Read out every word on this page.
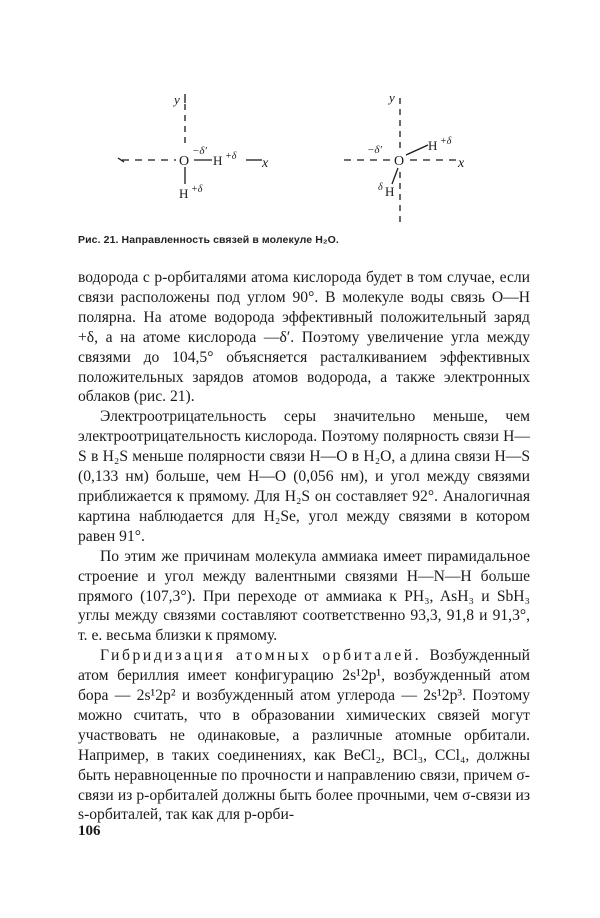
y
O
−δ′
H +δ x
H +δ
y
O
−δ′	H +δ
x
δ H
Рис. 21. Направленность связей в молекуле H₂O.

водорода с p-орбиталями атома кислорода будет в том случае, если связи расположены под углом 90°. В молекуле воды связь O—H полярна. На атоме водорода эффективный положительный заряд +δ, а на атоме кислорода —δ′. Поэтому увеличение угла между связями до 104,5° объясняется расталкиванием эффективных положительных зарядов атомов водорода, а также электронных облаков (рис. 21).

Электроотрицательность серы значительно меньше, чем электроотрицательность кислорода. Поэтому полярность связи H—S в H₂S меньше полярности связи H—O в H₂O, а длина связи H—S (0,133 нм) больше, чем H—O (0,056 нм), и угол между связями приближается к прямому. Для H₂S он составляет 92°. Аналогичная картина наблюдается для H₂Se, угол между связями в котором равен 91°.

По этим же причинам молекула аммиака имеет пирамидальное строение и угол между валентными связями H—N—H больше прямого (107,3°). При переходе от аммиака к PH₃, AsH₃ и SbH₃ углы между связями составляют соответственно 93,3, 91,8 и 91,3°, т. е. весьма близки к прямому.

Гибридизация атомных орбиталей. Возбужденный атом бериллия имеет конфигурацию 2s¹2p¹, возбужденный атом бора — 2s¹2p² и возбужденный атом углерода — 2s¹2p³. Поэтому можно считать, что в образовании химических связей могут участвовать не одинаковые, а различные атомные орбитали. Например, в таких соединениях, как BeCl₂, BCl₃, CCl₄, должны быть неравноценные по прочности и направлению связи, причем σ-связи из p-орбиталей должны быть более прочными, чем σ-связи из s-орбиталей, так как для p-орби-

106
